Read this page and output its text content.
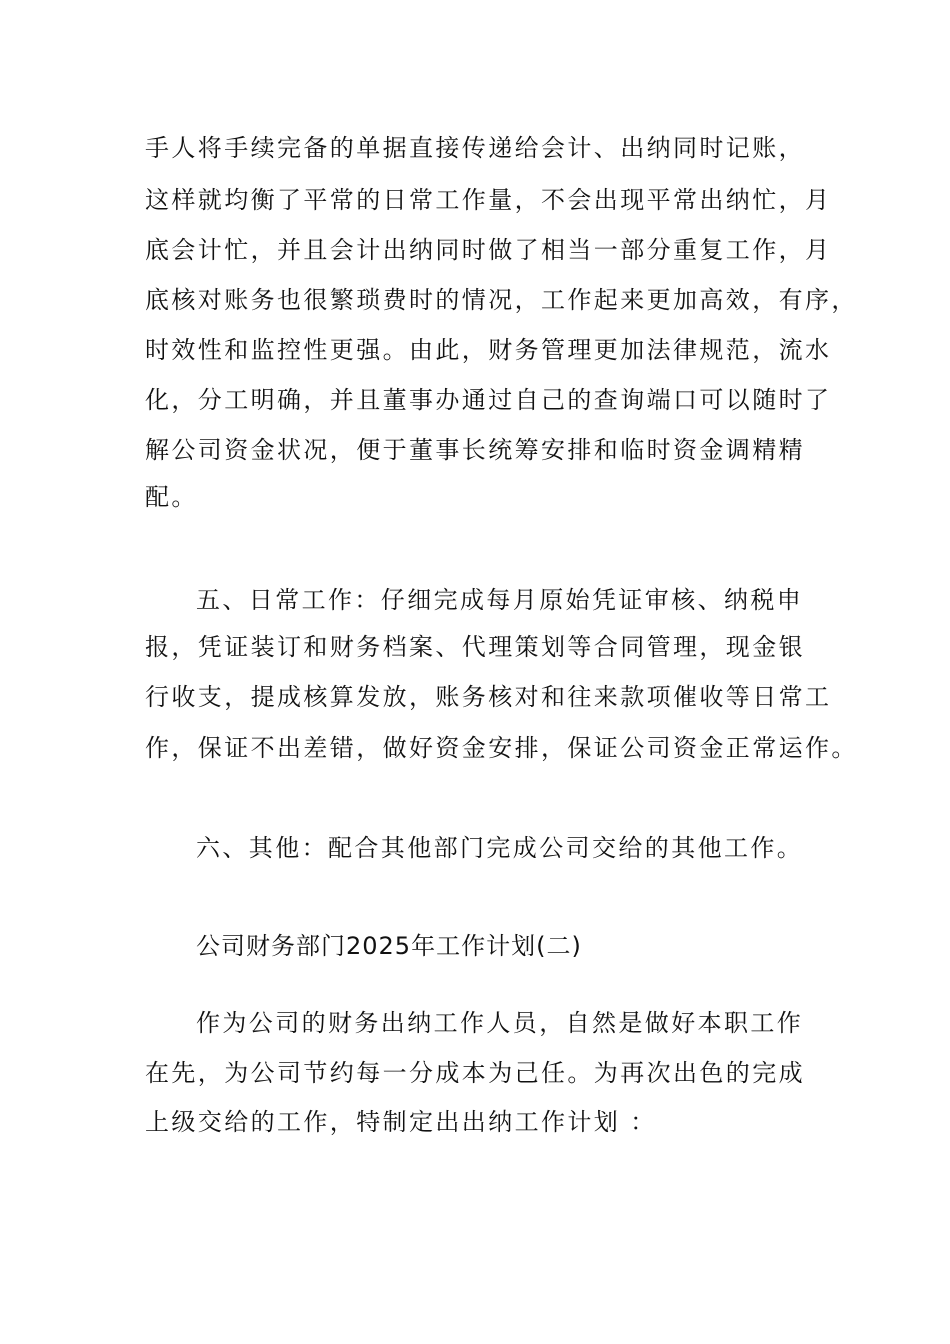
手人将手续完备的单据直接传递给会计、出纳同时记账，
这样就均衡了平常的日常工作量，不会出现平常出纳忙，月
底会计忙，并且会计出纳同时做了相当一部分重复工作，月
底核对账务也很繁琐费时的情况，工作起来更加高效，有序，
时效性和监控性更强。由此，财务管理更加法律规范，流水
化，分工明确，并且董事办通过自己的查询端口可以随时了
解公司资金状况，便于董事长统筹安排和临时资金调精精
配。
五、日常工作：仔细完成每月原始凭证审核、纳税申
报，凭证装订和财务档案、代理策划等合同管理，现金银
行收支，提成核算发放，账务核对和往来款项催收等日常工
作，保证不出差错，做好资金安排，保证公司资金正常运作。
六、其他：配合其他部门完成公司交给的其他工作。
公司财务部门2025年工作计划(二)
作为公司的财务出纳工作人员，自然是做好本职工作
在先，为公司节约每一分成本为己任。为再次出色的完成
上级交给的工作，特制定出出纳工作计划 ：
